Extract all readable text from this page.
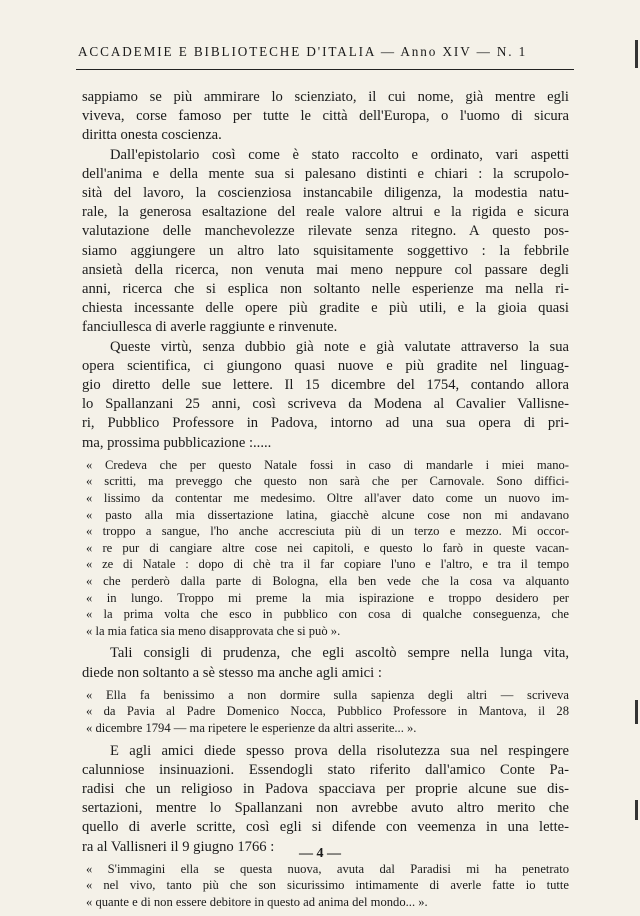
ACCADEMIE E BIBLIOTECHE D'ITALIA — Anno XIV — N. 1

sappiamo se più ammirare lo scienziato, il cui nome, già mentre egli
viveva, corse famoso per tutte le città dell'Europa, o l'uomo di sicura
diritta onesta coscienza.

Dall'epistolario così come è stato raccolto e ordinato, vari aspetti
dell'anima e della mente sua si palesano distinti e chiari : la scrupolo-
sità del lavoro, la coscienziosa instancabile diligenza, la modestia natu-
rale, la generosa esaltazione del reale valore altrui e la rigida e sicura
valutazione delle manchevolezze rilevate senza ritegno. A questo pos-
siamo aggiungere un altro lato squisitamente soggettivo : la febbrile
ansietà della ricerca, non venuta mai meno neppure col passare degli
anni, ricerca che si esplica non soltanto nelle esperienze ma nella ri-
chiesta incessante delle opere più gradite e più utili, e la gioia quasi
fanciullesca di averle raggiunte e rinvenute.

Queste virtù, senza dubbio già note e già valutate attraverso la sua
opera scientifica, ci giungono quasi nuove e più gradite nel linguag-
gio diretto delle sue lettere. Il 15 dicembre del 1754, contando allora
lo Spallanzani 25 anni, così scriveva da Modena al Cavalier Vallisne-
ri, Pubblico Professore in Padova, intorno ad una sua opera di pri-
ma, prossima pubblicazione :.....

« Credeva che per questo Natale fossi in caso di mandarle i miei mano-
« scritti, ma preveggo che questo non sarà che per Carnovale. Sono diffici-
« lissimo da contentar me medesimo. Oltre all'aver dato come un nuovo im-
« pasto alla mia dissertazione latina, giacchè alcune cose non mi andavano
« troppo a sangue, l'ho anche accresciuta più di un terzo e mezzo. Mi occor-
« re pur di cangiare altre cose nei capitoli, e questo lo farò in queste vacan-
« ze di Natale : dopo di chè tra il far copiare l'uno e l'altro, e tra il tempo
« che perderò dalla parte di Bologna, ella ben vede che la cosa va alquanto
« in lungo. Troppo mi preme la mia ispirazione e troppo desidero per
« la prima volta che esco in pubblico con cosa di qualche conseguenza, che
« la mia fatica sia meno disapprovata che si può ».

Tali consigli di prudenza, che egli ascoltò sempre nella lunga vita,
diede non soltanto a sè stesso ma anche agli amici :

« Ella fa benissimo a non dormire sulla sapienza degli altri — scriveva
« da Pavia al Padre Domenico Nocca, Pubblico Professore in Mantova, il 28
« dicembre 1794 — ma ripetere le esperienze da altri asserite... ».

E agli amici diede spesso prova della risolutezza sua nel respingere
calunniose insinuazioni. Essendogli stato riferito dall'amico Conte Pa-
radisi che un religioso in Padova spacciava per proprie alcune sue dis-
sertazioni, mentre lo Spallanzani non avrebbe avuto altro merito che
quello di averle scritte, così egli si difende con veemenza in una lette-
ra al Vallisneri il 9 giugno 1766 :

« S'immagini ella se questa nuova, avuta dal Paradisi mi ha penetrato
« nel vivo, tanto più che son sicurissimo intimamente di averle fatte io tutte
« quante e di non essere debitore in questo ad anima del mondo... ».
— 4 —
